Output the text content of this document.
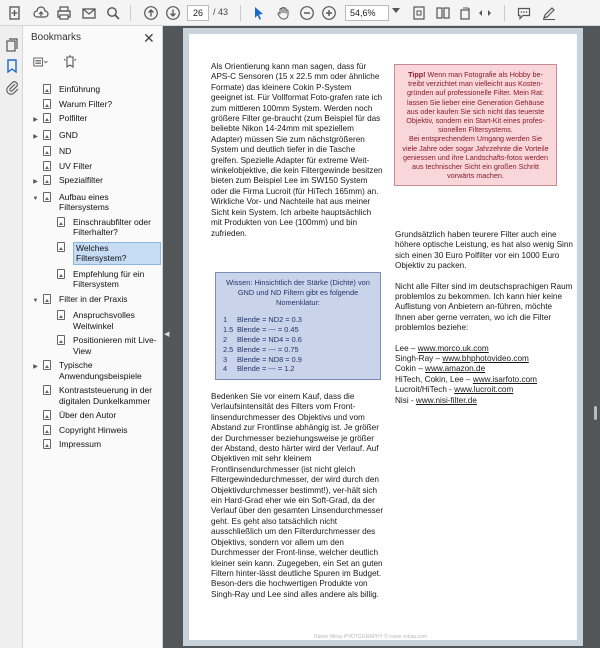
26	/ 43	54,6%
Bookmarks	✕
Einführung
Warum Filter?
▶ Polfilter
▶ GND
ND
UV Filter
▶ Spezialfilter
▼ Aufbau eines Filtersystems
Einschraubfilter oder Filterhalter?
Welches Filtersystem?
Empfehlung für ein Filtersystem
▼ Filter in der Praxis
Anspruchsvolles Weitwinkel
Positionieren mit Live-View
▶ Typische Anwendungsbeispiele
Kontraststeuerung in der digitalen Dunkelkammer
Über den Autor
Copyright Hinweis
Impressum
◀

Als Orientierung kann man sagen, dass für APS-C Sensoren (15 x 22.5 mm oder ähnliche Formate) das kleinere Cokin P-System geeignet ist. Für Vollformat Foto-grafen rate ich zum mittleren 100mm System. Werden noch größere Filter ge-braucht (zum Beispiel für das beliebte Nikon 14-24mm mit speziellem Adapter) müssen Sie zum nächstgrößeren System und deutlich tiefer in die Tasche greifen. Spezielle Adapter für extreme Weit-winkelobjektive, die kein Filtergewinde besitzen bieten zum Beispiel Lee im SW150 System oder die Firma Lucroit (für HiTech 165mm) an. Wirkliche Vor- und Nachteile hat aus meiner Sicht kein System. Ich arbeite hauptsächlich mit Produkten von Lee (100mm) und bin zufrieden.

Tipp! Wenn man Fotografie als Hobby be-treibt verzichtet man vielleicht aus Kosten-gründen auf professionelle Filter. Mein Rat: lassen Sie lieber eine Generation Gehäuse aus oder kaufen Sie sich nicht das teuerste Objektiv, sondern ein Start-Kit eines profes-sionellen Filtersystems.

Bei entsprechendem Umgang werden Sie viele Jahre oder sogar Jahrzehnte die Vorteile geniessen und ihre Landschafts-fotos werden aus technischer Sicht ein großen Schritt vorwärts machen.

Wissen: Hinsichtlich der Stärke (Dichte) von GND und ND Filtern gibt es folgende Nomenklatur:

1	Blende = ND2 = 0.3
1.5 Blende = --- = 0.45
2	Blende = ND4 = 0.6
2.5 Blende = --- = 0.75
3	Blende = ND8 = 0.9
4	Blende = --- = 1.2

Bedenken Sie vor einem Kauf, dass die Verlaufsintensität des Filters vom Front-linsendurchmesser des Objektivs und vom Abstand zur Frontlinse abhängig ist. Je größer der Durchmesser beziehungsweise je größer der Abstand, desto härter wird der Verlauf. Auf Objektiven mit sehr kleinem Frontlinsendurchmesser (ist nicht gleich Filtergewindedurchmesser, der wird durch den Objektivdurchmesser bestimmt!), ver-hält sich ein Hard-Grad eher wie ein Soft-Grad, da der Verlauf über den gesamten Linsendurchmesser geht. Es geht also tatsächlich nicht ausschließlich um den Filterdurchmesser des Objektivs, sondern vor allem um den Durchmesser der Front-linse, welcher deutlich kleiner sein kann. Zugegeben, ein Set an guten Filtern hinter-lässt deutliche Spuren im Budget. Beson-ders die hochwertigen Produkte von Singh-Ray und Lee sind alles andere als billig.

Grundsätzlich haben teurere Filter auch eine höhere optische Leistung, es hat also wenig Sinn sich einen 30 Euro Polfilter vor ein 1000 Euro Objektiv zu packen.

Nicht alle Filter sind im deutschsprachigen Raum problemlos zu bekommen. Ich kann hier keine Auflistung von Anbietern an-führen, möchte Ihnen aber gerne verraten, wo ich die Filter problemlos beziehe:

Lee – www.morco.uk.com
Singh-Ray – www.bhphotovideo.com
Cokin – www.amazon.de
HiTech, Cokin, Lee – www.isarfoto.com
Lucroit/HiTech - www.lucroit.com
Nisi - www.nisi-filter.de
Rainer Mirau PHOTOGRAPHY © rainer-mirau.com
